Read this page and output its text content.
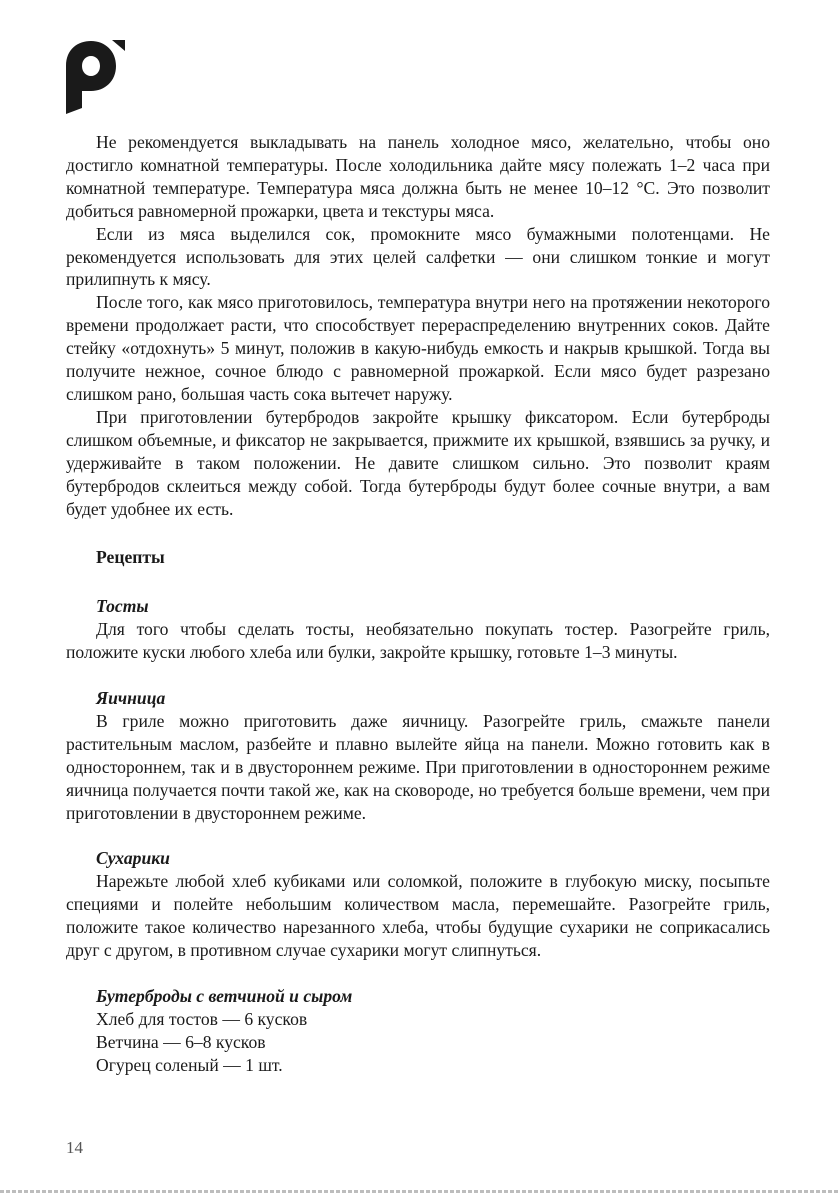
Не рекомендуется выкладывать на панель холодное мясо, желательно, чтобы оно достигло комнатной температуры. После холодильника дайте мясу полежать 1–2 часа при комнатной температуре. Температура мяса должна быть не менее 10–12 °С. Это позволит добиться равномерной прожарки, цвета и текстуры мяса.

Если из мяса выделился сок, промокните мясо бумажными полотенцами. Не рекомендуется использовать для этих целей салфетки — они слишком тонкие и могут прилипнуть к мясу.

После того, как мясо приготовилось, температура внутри него на протяжении некоторого времени продолжает расти, что способствует перераспределению внутренних соков. Дайте стейку «отдохнуть» 5 минут, положив в какую-нибудь емкость и накрыв крышкой. Тогда вы получите нежное, сочное блюдо с равномерной прожаркой. Если мясо будет разрезано слишком рано, большая часть сока вытечет наружу.

При приготовлении бутербродов закройте крышку фиксатором. Если бутерброды слишком объемные, и фиксатор не закрывается, прижмите их крышкой, взявшись за ручку, и удерживайте в таком положении. Не давите слишком сильно. Это позволит краям бутербродов склеиться между собой. Тогда бутерброды будут более сочные внутри, а вам будет удобнее их есть.

Рецепты

Тосты

Для того чтобы сделать тосты, необязательно покупать тостер. Разогрейте гриль, положите куски любого хлеба или булки, закройте крышку, готовьте 1–3 минуты.

Яичница

В гриле можно приготовить даже яичницу. Разогрейте гриль, смажьте панели растительным маслом, разбейте и плавно вылейте яйца на панели. Можно готовить как в одностороннем, так и в двустороннем режиме. При приготовлении в одностороннем режиме яичница получается почти такой же, как на сковороде, но требуется больше времени, чем при приготовлении в двустороннем режиме.

Сухарики

Нарежьте любой хлеб кубиками или соломкой, положите в глубокую миску, посыпьте специями и полейте небольшим количеством масла, перемешайте. Разогрейте гриль, положите такое количество нарезанного хлеба, чтобы будущие сухарики не соприкасались друг с другом, в противном случае сухарики могут слипнуться.

Бутерброды с ветчиной и сыром

Хлеб для тостов — 6 кусков

Ветчина — 6–8 кусков

Огурец соленый — 1 шт.

14
